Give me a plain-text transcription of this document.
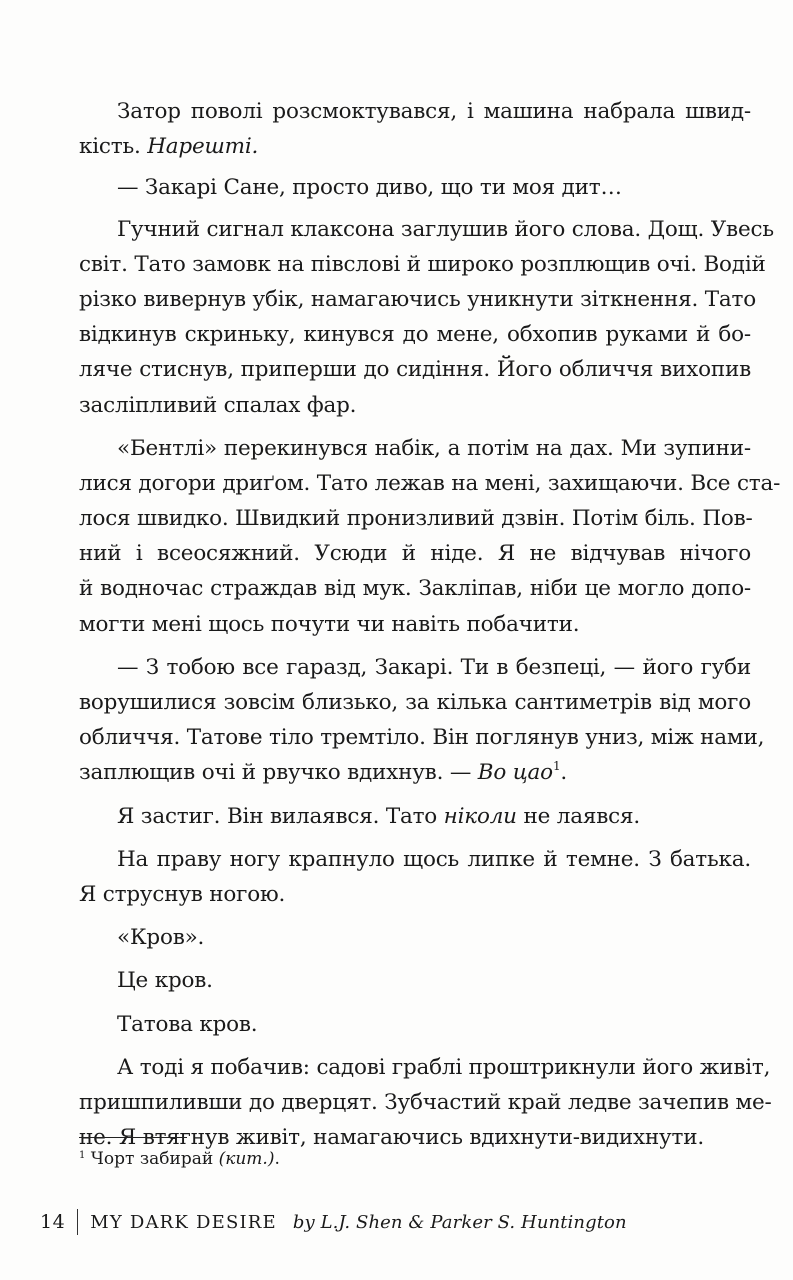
Затор поволі розсмоктувався, і машина набрала швид-
кість. Нарешті.
— Закарі Сане, просто диво, що ти моя дит…
Гучний сигнал клаксона заглушив його слова. Дощ. Увесь
світ. Тато замовк на півслові й широко розплющив очі. Водій
різко вивернув убік, намагаючись уникнути зіткнення. Тато
відкинув скриньку, кинувся до мене, обхопив руками й бо-
ляче стиснув, приперши до сидіння. Його обличчя вихопив
засліпливий спалах фар.
«Бентлі» перекинувся набік, а потім на дах. Ми зупини-
лися догори дриґом. Тато лежав на мені, захищаючи. Все ста-
лося швидко. Швидкий пронизливий дзвін. Потім біль. Пов-
ний і всеосяжний. Усюди й ніде. Я не відчував нічого
й водночас страждав від мук. Закліпав, ніби це могло допо-
могти мені щось почути чи навіть побачити.
— З тобою все гаразд, Закарі. Ти в безпеці, — його губи
ворушилися зовсім близько, за кілька сантиметрів від мого
обличчя. Татове тіло тремтіло. Він поглянув униз, між нами,
заплющив очі й рвучко вдихнув. — Во цао$^1$.
Я застиг. Він вилаявся. Тато ніколи не лаявся.
На праву ногу крапнуло щось липке й темне. З батька.
Я струснув ногою.
«Кров».
Це кров.
Татова кров.
А тоді я побачив: садові граблі проштрикнули його живіт,
пришпиливши до дверцят. Зубчастий край ледве зачепив ме-
не. Я втягнув живіт, намагаючись вдихнути-видихнути.
$^1$ Чорт забирай (кит.).
14 MY DARK DESIRE by L.J. Shen & Parker S. Huntington
